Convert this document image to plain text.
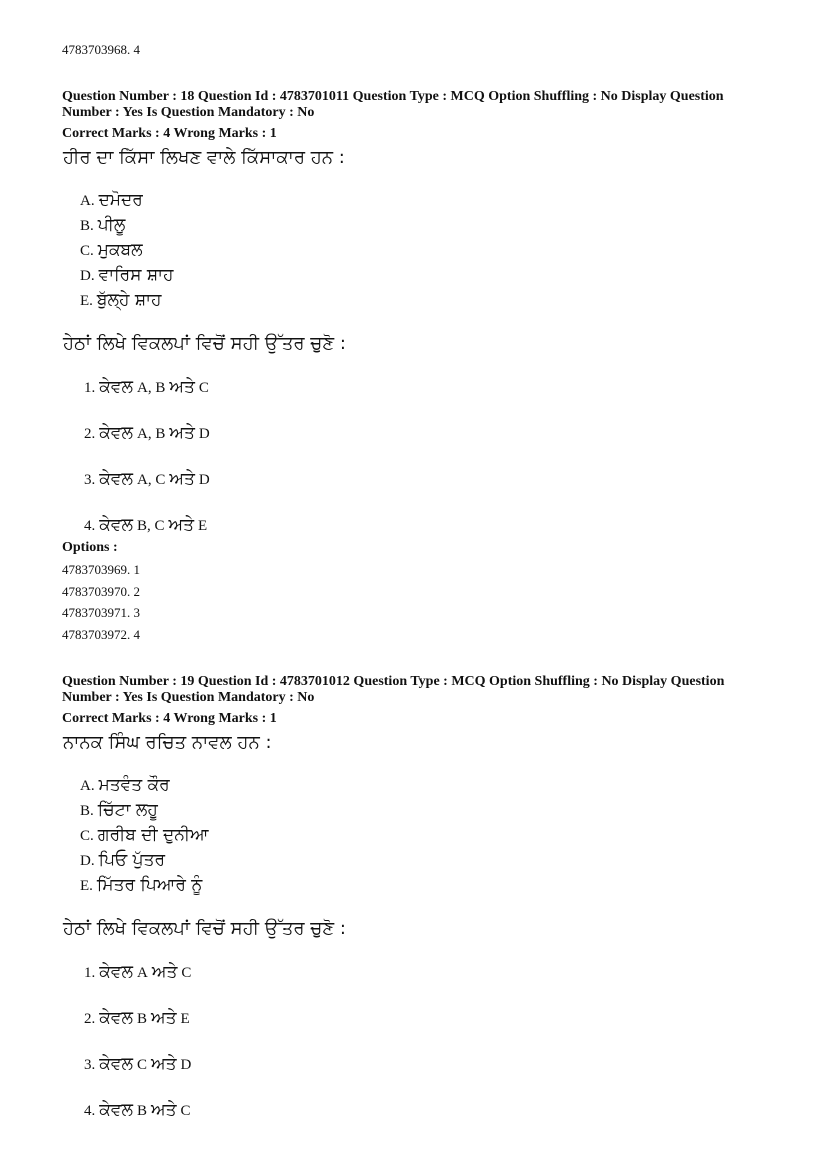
4783703968. 4
Question Number : 18 Question Id : 4783701011 Question Type : MCQ Option Shuffling : No Display Question
Number : Yes Is Question Mandatory : No
Correct Marks : 4 Wrong Marks : 1
ਹੀਰ ਦਾ ਕਿੱਸਾ ਲਿਖਣ ਵਾਲੇ ਕਿੱਸਾਕਾਰ ਹਨ :
A. ਦਮੋਦਰ
B. ਪੀਲੂ
C. ਮੁਕਬਲ
D. ਵਾਰਿਸ ਸ਼ਾਹ
E. ਬੁੱਲ੍ਹੇ ਸ਼ਾਹ
ਹੇਠਾਂ ਲਿਖੇ ਵਿਕਲਪਾਂ ਵਿਚੋਂ ਸਹੀ ਉੱਤਰ ਚੁਣੋ :
1. ਕੇਵਲ A, B ਅਤੇ C
2. ਕੇਵਲ A, B ਅਤੇ D
3. ਕੇਵਲ A, C ਅਤੇ D
4. ਕੇਵਲ B, C ਅਤੇ E
Options :
4783703969. 1
4783703970. 2
4783703971. 3
4783703972. 4
Question Number : 19 Question Id : 4783701012 Question Type : MCQ Option Shuffling : No Display Question
Number : Yes Is Question Mandatory : No
Correct Marks : 4 Wrong Marks : 1
ਨਾਨਕ ਸਿੰਘ ਰਚਿਤ ਨਾਵਲ ਹਨ :
A. ਮਤਵੰਤ ਕੌਰ
B. ਚਿੱਟਾ ਲਹੂ
C. ਗਰੀਬ ਦੀ ਦੁਨੀਆ
D. ਪਿਓ ਪੁੱਤਰ
E. ਮਿੱਤਰ ਪਿਆਰੇ ਨੂੰ
ਹੇਠਾਂ ਲਿਖੇ ਵਿਕਲਪਾਂ ਵਿਚੋਂ ਸਹੀ ਉੱਤਰ ਚੁਣੋ :
1. ਕੇਵਲ A ਅਤੇ C
2. ਕੇਵਲ B ਅਤੇ E
3. ਕੇਵਲ C ਅਤੇ D
4. ਕੇਵਲ B ਅਤੇ C
